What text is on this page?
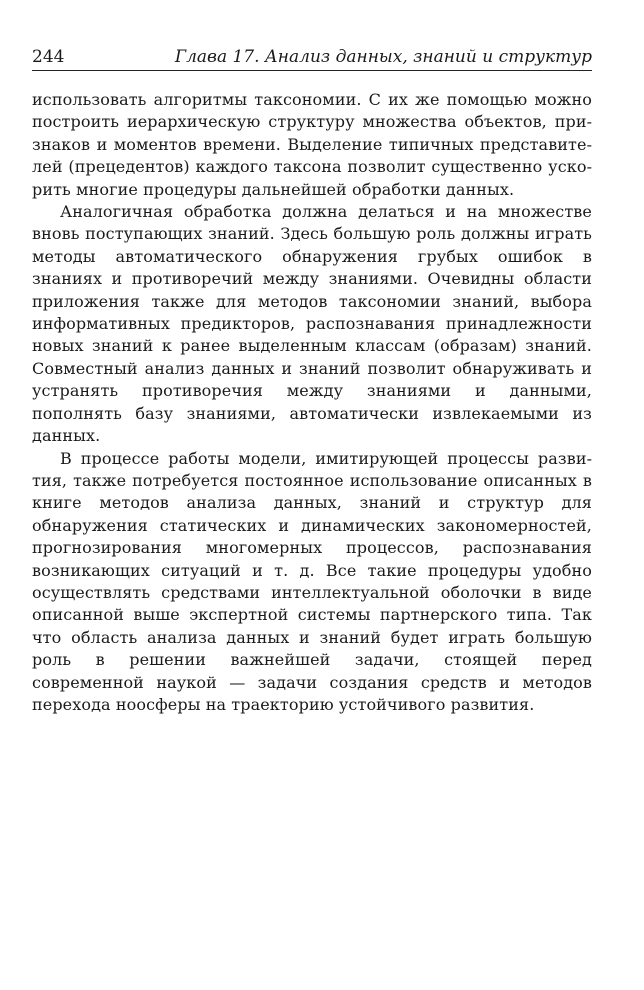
244	Глава 17. Анализ данных, знаний и структур

использовать алгоритмы таксономии. С их же помощью можно построить иерархическую структуру множества объектов, признаков и моментов времени. Выделение типичных представителей (прецедентов) каждого таксона позволит существенно ускорить многие процедуры дальнейшей обработки данных.

Аналогичная обработка должна делаться и на множестве вновь поступающих знаний. Здесь большую роль должны играть методы автоматического обнаружения грубых ошибок в знаниях и противоречий между знаниями. Очевидны области приложения также для методов таксономии знаний, выбора информативных предикторов, распознавания принадлежности новых знаний к ранее выделенным классам (образам) знаний. Совместный анализ данных и знаний позволит обнаруживать и устранять противоречия между знаниями и данными, пополнять базу знаниями, автоматически извлекаемыми из данных.

В процессе работы модели, имитирующей процессы развития, также потребуется постоянное использование описанных в книге методов анализа данных, знаний и структур для обнаружения статических и динамических закономерностей, прогнозирования многомерных процессов, распознавания возникающих ситуаций и т. д. Все такие процедуры удобно осуществлять средствами интеллектуальной оболочки в виде описанной выше экспертной системы партнерского типа. Так что область анализа данных и знаний будет играть большую роль в решении важнейшей задачи, стоящей перед современной наукой — задачи создания средств и методов перехода ноосферы на траекторию устойчивого развития.
